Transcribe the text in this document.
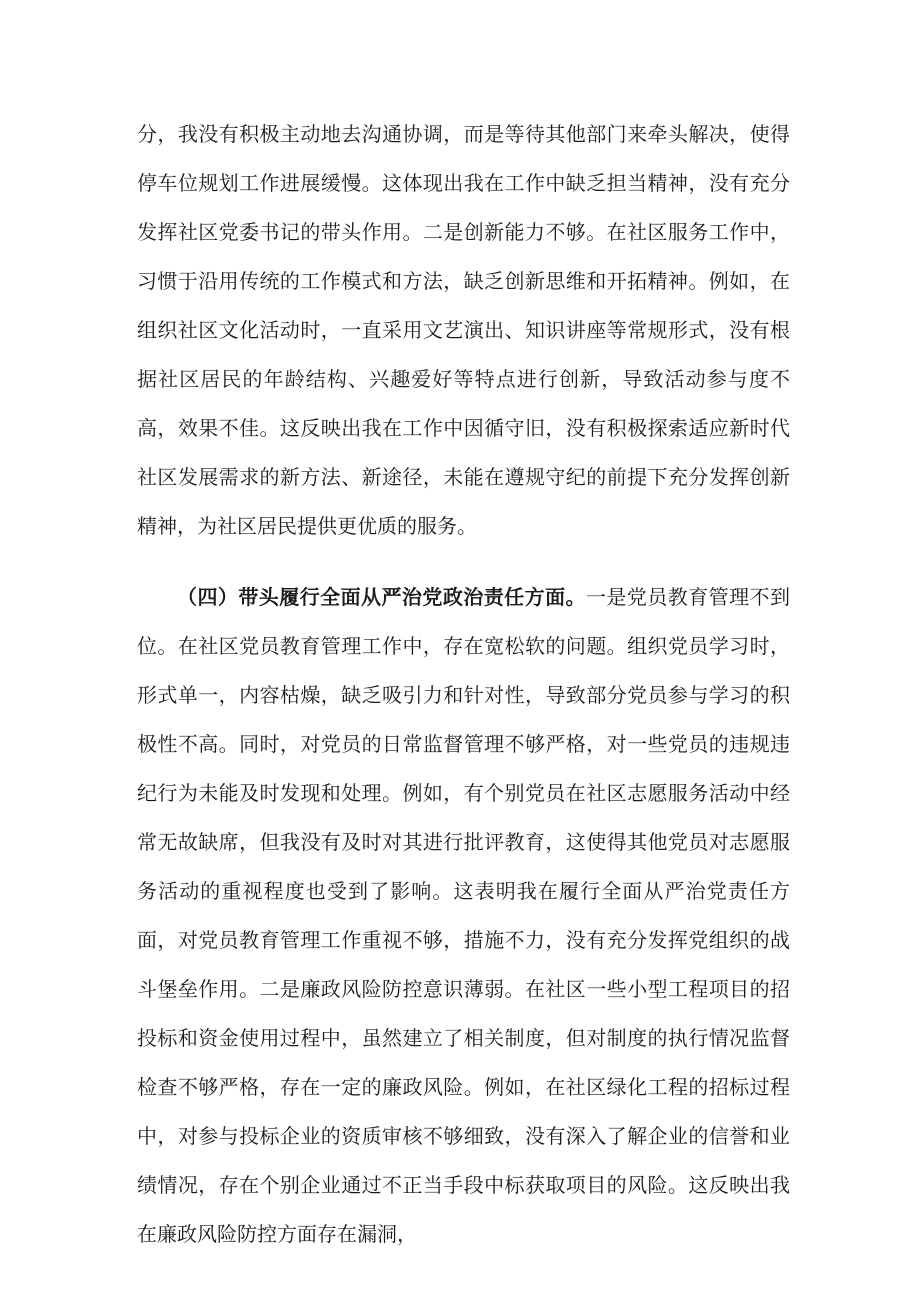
分，我没有积极主动地去沟通协调，而是等待其他部门来牵头解决，使得停车位规划工作进展缓慢。这体现出我在工作中缺乏担当精神，没有充分发挥社区党委书记的带头作用。二是创新能力不够。在社区服务工作中，习惯于沿用传统的工作模式和方法，缺乏创新思维和开拓精神。例如，在组织社区文化活动时，一直采用文艺演出、知识讲座等常规形式，没有根据社区居民的年龄结构、兴趣爱好等特点进行创新，导致活动参与度不高，效果不佳。这反映出我在工作中因循守旧，没有积极探索适应新时代社区发展需求的新方法、新途径，未能在遵规守纪的前提下充分发挥创新精神，为社区居民提供更优质的服务。

（四）带头履行全面从严治党政治责任方面。一是党员教育管理不到位。在社区党员教育管理工作中，存在宽松软的问题。组织党员学习时，形式单一，内容枯燥，缺乏吸引力和针对性，导致部分党员参与学习的积极性不高。同时，对党员的日常监督管理不够严格，对一些党员的违规违纪行为未能及时发现和处理。例如，有个别党员在社区志愿服务活动中经常无故缺席，但我没有及时对其进行批评教育，这使得其他党员对志愿服务活动的重视程度也受到了影响。这表明我在履行全面从严治党责任方面，对党员教育管理工作重视不够，措施不力，没有充分发挥党组织的战斗堡垒作用。二是廉政风险防控意识薄弱。在社区一些小型工程项目的招投标和资金使用过程中，虽然建立了相关制度，但对制度的执行情况监督检查不够严格，存在一定的廉政风险。例如，在社区绿化工程的招标过程中，对参与投标企业的资质审核不够细致，没有深入了解企业的信誉和业绩情况，存在个别企业通过不正当手段中标获取项目的风险。这反映出我在廉政风险防控方面存在漏洞，
